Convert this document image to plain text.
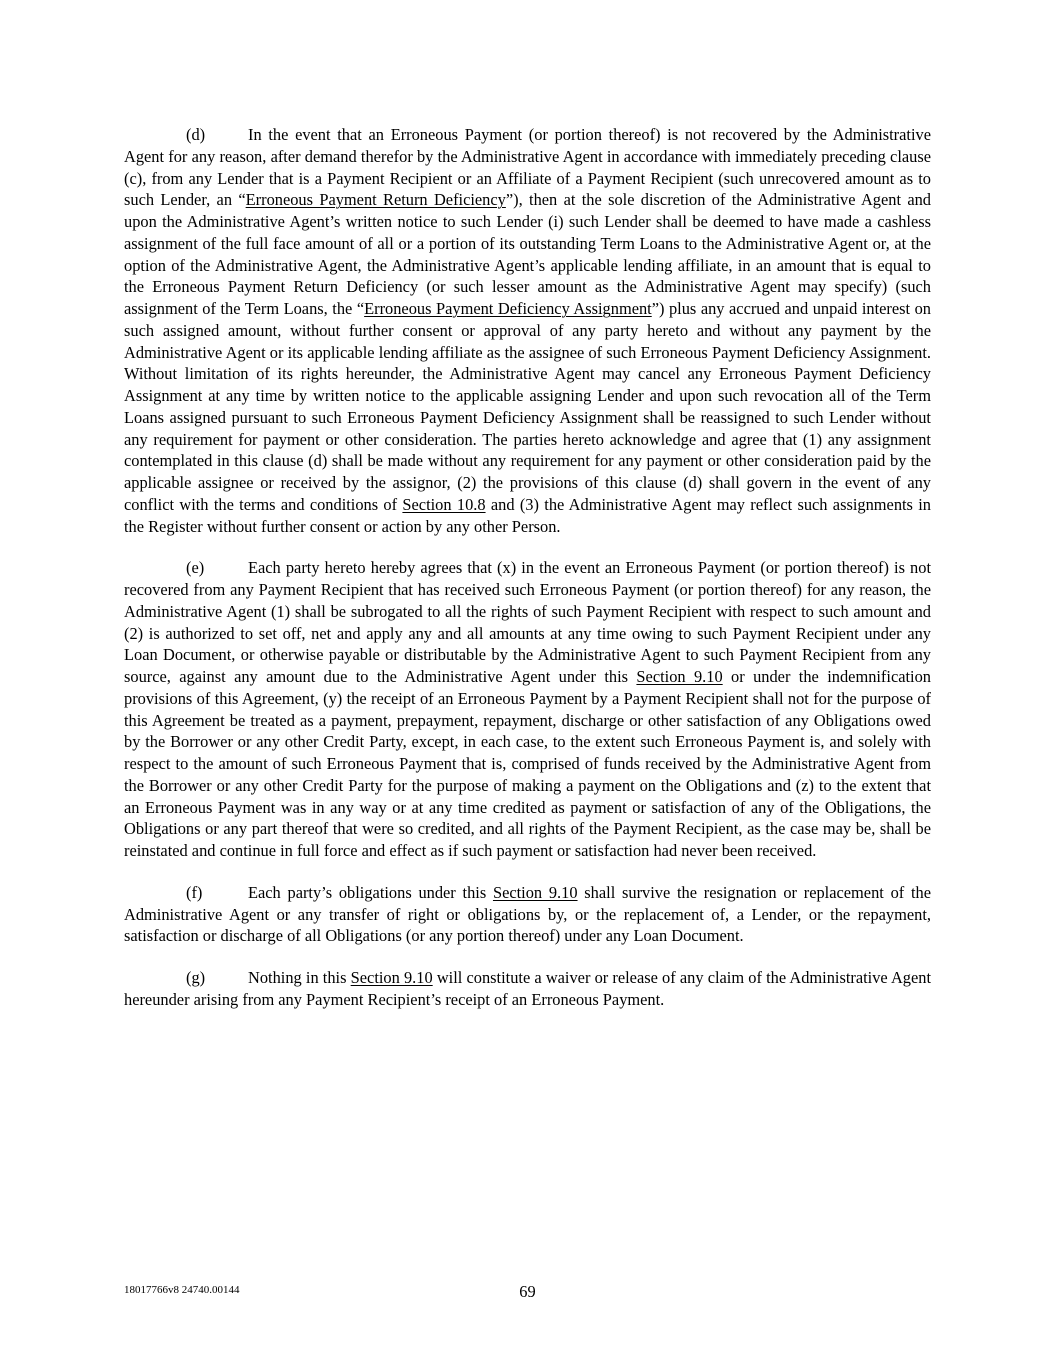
(d)	In the event that an Erroneous Payment (or portion thereof) is not recovered by the Administrative Agent for any reason, after demand therefor by the Administrative Agent in accordance with immediately preceding clause (c), from any Lender that is a Payment Recipient or an Affiliate of a Payment Recipient (such unrecovered amount as to such Lender, an “Erroneous Payment Return Deficiency”), then at the sole discretion of the Administrative Agent and upon the Administrative Agent’s written notice to such Lender (i) such Lender shall be deemed to have made a cashless assignment of the full face amount of all or a portion of its outstanding Term Loans to the Administrative Agent or, at the option of the Administrative Agent, the Administrative Agent’s applicable lending affiliate, in an amount that is equal to the Erroneous Payment Return Deficiency (or such lesser amount as the Administrative Agent may specify) (such assignment of the Term Loans, the “Erroneous Payment Deficiency Assignment”) plus any accrued and unpaid interest on such assigned amount, without further consent or approval of any party hereto and without any payment by the Administrative Agent or its applicable lending affiliate as the assignee of such Erroneous Payment Deficiency Assignment. Without limitation of its rights hereunder, the Administrative Agent may cancel any Erroneous Payment Deficiency Assignment at any time by written notice to the applicable assigning Lender and upon such revocation all of the Term Loans assigned pursuant to such Erroneous Payment Deficiency Assignment shall be reassigned to such Lender without any requirement for payment or other consideration. The parties hereto acknowledge and agree that (1) any assignment contemplated in this clause (d) shall be made without any requirement for any payment or other consideration paid by the applicable assignee or received by the assignor, (2) the provisions of this clause (d) shall govern in the event of any conflict with the terms and conditions of Section 10.8 and (3) the Administrative Agent may reflect such assignments in the Register without further consent or action by any other Person.

(e)	Each party hereto hereby agrees that (x) in the event an Erroneous Payment (or portion thereof) is not recovered from any Payment Recipient that has received such Erroneous Payment (or portion thereof) for any reason, the Administrative Agent (1) shall be subrogated to all the rights of such Payment Recipient with respect to such amount and (2) is authorized to set off, net and apply any and all amounts at any time owing to such Payment Recipient under any Loan Document, or otherwise payable or distributable by the Administrative Agent to such Payment Recipient from any source, against any amount due to the Administrative Agent under this Section 9.10 or under the indemnification provisions of this Agreement, (y) the receipt of an Erroneous Payment by a Payment Recipient shall not for the purpose of this Agreement be treated as a payment, prepayment, repayment, discharge or other satisfaction of any Obligations owed by the Borrower or any other Credit Party, except, in each case, to the extent such Erroneous Payment is, and solely with respect to the amount of such Erroneous Payment that is, comprised of funds received by the Administrative Agent from the Borrower or any other Credit Party for the purpose of making a payment on the Obligations and (z) to the extent that an Erroneous Payment was in any way or at any time credited as payment or satisfaction of any of the Obligations, the Obligations or any part thereof that were so credited, and all rights of the Payment Recipient, as the case may be, shall be reinstated and continue in full force and effect as if such payment or satisfaction had never been received.

(f)	Each party’s obligations under this Section 9.10 shall survive the resignation or replacement of the Administrative Agent or any transfer of right or obligations by, or the replacement of, a Lender, or the repayment, satisfaction or discharge of all Obligations (or any portion thereof) under any Loan Document.

(g)	Nothing in this Section 9.10 will constitute a waiver or release of any claim of the Administrative Agent hereunder arising from any Payment Recipient’s receipt of an Erroneous Payment.

18017766v8 24740.00144	69
